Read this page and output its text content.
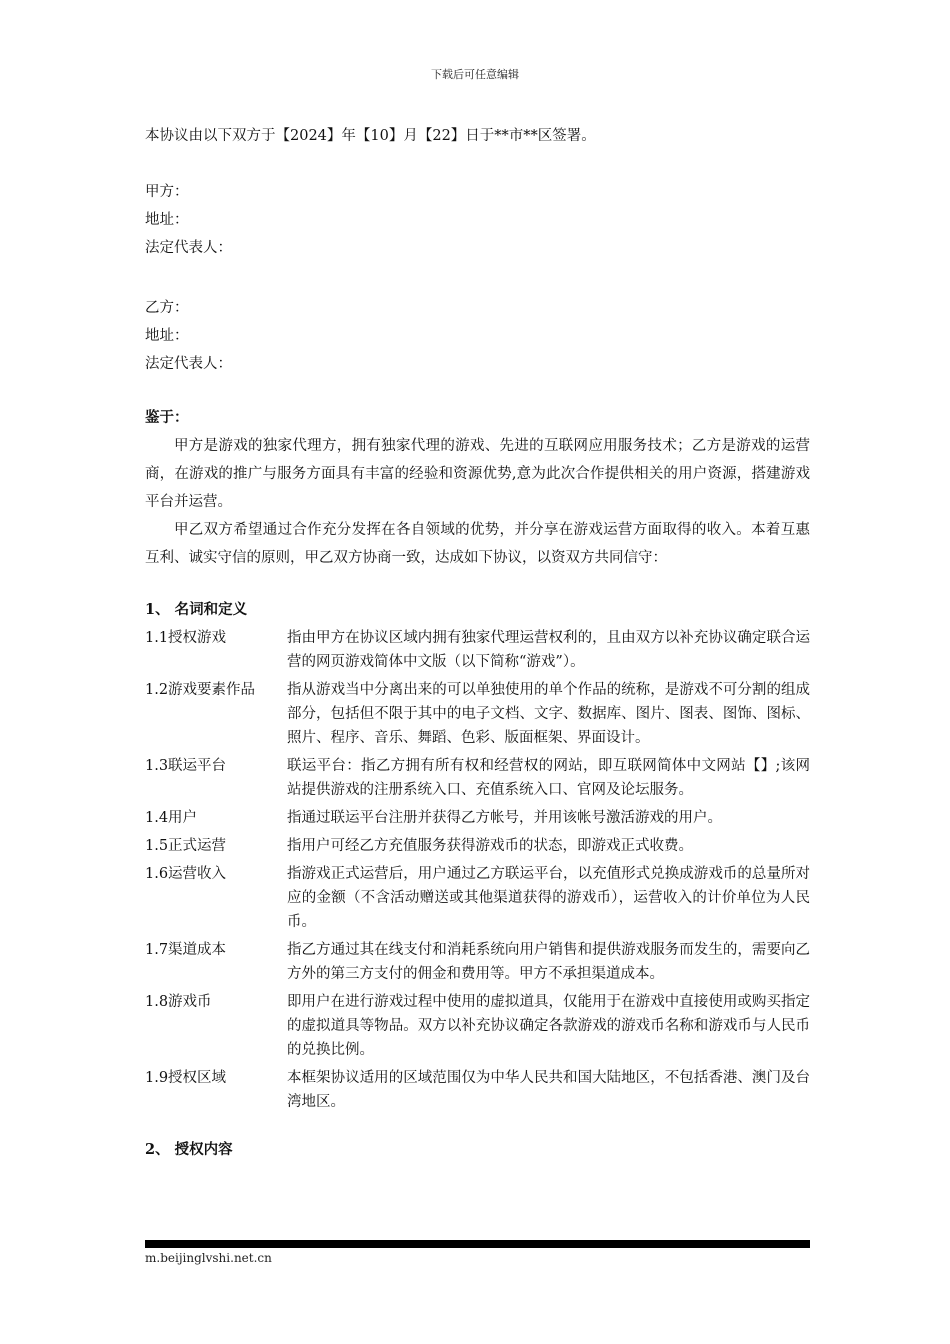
下载后可任意编辑
本协议由以下双方于【2024】年【10】月【22】日于**市**区签署。
甲方：
地址：
法定代表人：
乙方：
地址：
法定代表人：
鉴于：
甲方是游戏的独家代理方，拥有独家代理的游戏、先进的互联网应用服务技术；乙方是游戏的运营商，在游戏的推广与服务方面具有丰富的经验和资源优势,意为此次合作提供相关的用户资源，搭建游戏平台并运营。
甲乙双方希望通过合作充分发挥在各自领域的优势，并分享在游戏运营方面取得的收入。本着互惠互利、诚实守信的原则，甲乙双方协商一致，达成如下协议，以资双方共同信守：
1、 名词和定义
1.1授权游戏	指由甲方在协议区域内拥有独家代理运营权利的，且由双方以补充协议确定联合运营的网页游戏简体中文版（以下简称“游戏”）。
1.2游戏要素作品	指从游戏当中分离出来的可以单独使用的单个作品的统称，是游戏不可分割的组成部分，包括但不限于其中的电子文档、文字、数据库、图片、图表、图饰、图标、照片、程序、音乐、舞蹈、色彩、版面框架、界面设计。
1.3联运平台	联运平台：指乙方拥有所有权和经营权的网站，即互联网简体中文网站【】;该网站提供游戏的注册系统入口、充值系统入口、官网及论坛服务。
1.4用户	指通过联运平台注册并获得乙方帐号，并用该帐号激活游戏的用户。
1.5正式运营	指用户可经乙方充值服务获得游戏币的状态，即游戏正式收费。
1.6运营收入	指游戏正式运营后，用户通过乙方联运平台，以充值形式兑换成游戏币的总量所对应的金额（不含活动赠送或其他渠道获得的游戏币），运营收入的计价单位为人民币。
1.7渠道成本	指乙方通过其在线支付和消耗系统向用户销售和提供游戏服务而发生的，需要向乙方外的第三方支付的佣金和费用等。甲方不承担渠道成本。
1.8游戏币	即用户在进行游戏过程中使用的虚拟道具，仅能用于在游戏中直接使用或购买指定的虚拟道具等物品。双方以补充协议确定各款游戏的游戏币名称和游戏币与人民币的兑换比例。
1.9授权区域	本框架协议适用的区域范围仅为中华人民共和国大陆地区，不包括香港、澳门及台湾地区。
2、 授权内容
m.beijinglvshi.net.cn
